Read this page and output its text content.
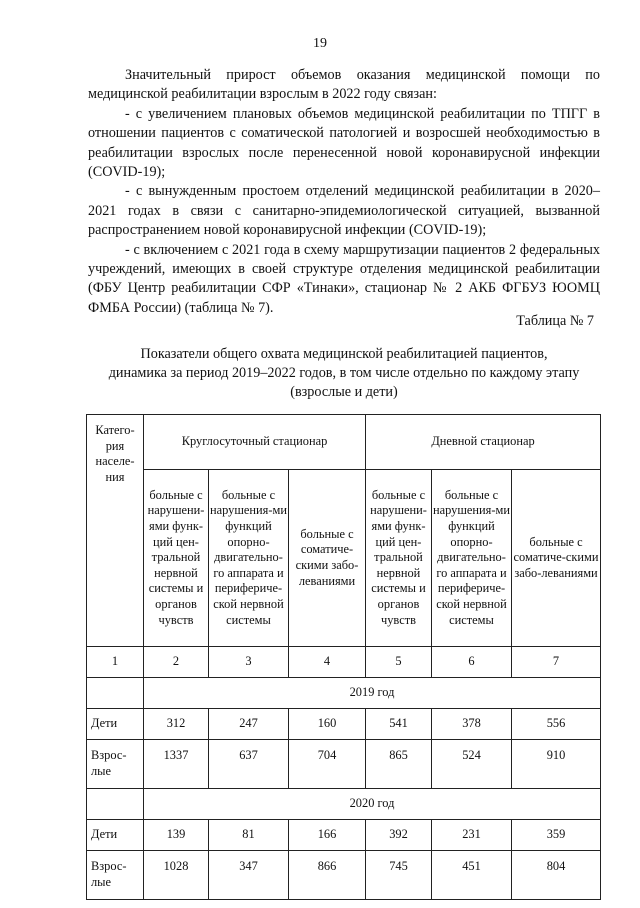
19

Значительный прирост объемов оказания медицинской помощи по медицинской реабилитации взрослым в 2022 году связан:

- с увеличением плановых объемов медицинской реабилитации по ТПГГ в отношении пациентов с соматической патологией и возросшей необходимостью в реабилитации взрослых после перенесенной новой коронавирусной инфекции (COVID-19);

- с вынужденным простоем отделений медицинской реабилитации в 2020–2021 годах в связи с санитарно-эпидемиологической ситуацией, вызванной распространением новой коронавирусной инфекции (COVID-19);

- с включением с 2021 года в схему маршрутизации пациентов 2 федеральных учреждений, имеющих в своей структуре отделения медицинской реабилитации (ФБУ Центр реабилитации СФР «Тинаки», стационар № 2 АКБ ФГБУЗ ЮОМЦ ФМБА России) (таблица № 7).

Таблица № 7
Показатели общего охвата медицинской реабилитацией пациентов,
динамика за период 2019–2022 годов, в том числе отдельно по каждому этапу
(взрослые и дети)
Катего-рия населе-ния	Круглосуточный стационар			Дневной стационар		
	больные с нарушени-ями функ-ций цен-тральной нервной системы и органов чувств	больные с нарушения-ми функций опорно-двигательно-го аппарата и перифериче-ской нервной системы	больные с соматиче-скими забо-леваниями	больные с нарушени-ями функ-ций цен-тральной нервной системы и органов чувств	больные с нарушения-ми функций опорно-двигательно-го аппарата и перифериче-ской нервной системы	больные с соматиче-скими забо-леваниями
1	2	3	4	5	6	7
	2019 год					
Дети	312	247	160	541	378	556
Взрос-лые	1337	637	704	865	524	910
	2020 год					
Дети	139	81	166	392	231	359
Взрос-лые	1028	347	866	745	451	804
